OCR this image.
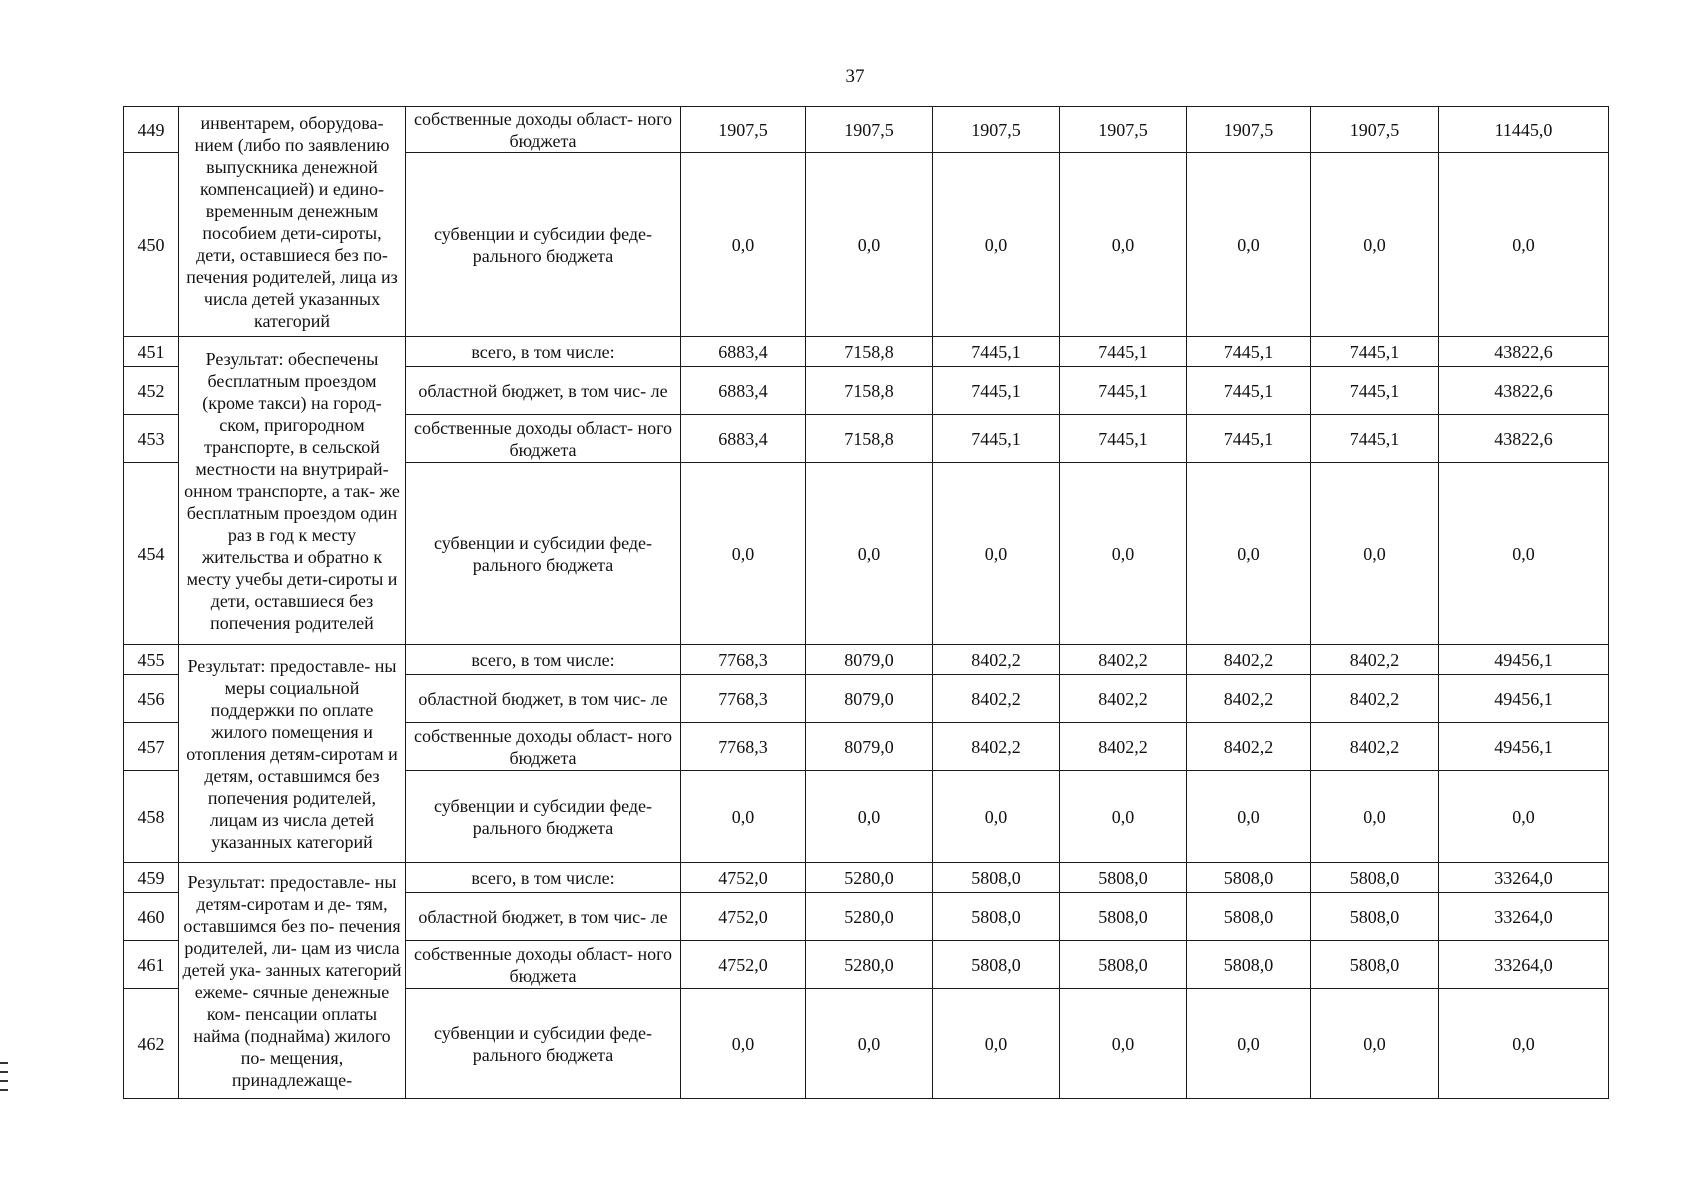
37
449	инвентарем, оборудова- нием (либо по заявлению выпускника денежной компенсацией) и едино- временным денежным пособием дети-сироты, дети, оставшиеся без по- печения родителей, лица из числа детей указанных категорий	собственные доходы област- ного бюджета	1907,5	1907,5	1907,5	1907,5	1907,5	1907,5	11445,0
450		субвенции и субсидии феде- рального бюджета	0,0	0,0	0,0	0,0	0,0	0,0	0,0
451	Результат: обеспечены бесплатным проездом (кроме такси) на город- ском, пригородном транспорте, в сельской местности на внутрирай- онном транспорте, а так- же бесплатным проездом один раз в год к месту жительства и обратно к месту учебы дети-сироты и дети, оставшиеся без попечения родителей	всего, в том числе:	6883,4	7158,8	7445,1	7445,1	7445,1	7445,1	43822,6
452		областной бюджет, в том чис- ле	6883,4	7158,8	7445,1	7445,1	7445,1	7445,1	43822,6
453		собственные доходы област- ного бюджета	6883,4	7158,8	7445,1	7445,1	7445,1	7445,1	43822,6
454		субвенции и субсидии феде- рального бюджета	0,0	0,0	0,0	0,0	0,0	0,0	0,0
455	Результат: предоставле- ны меры социальной поддержки по оплате жилого помещения и отопления детям-сиротам и детям, оставшимся без попечения родителей, лицам из числа детей указанных категорий	всего, в том числе:	7768,3	8079,0	8402,2	8402,2	8402,2	8402,2	49456,1
456		областной бюджет, в том чис- ле	7768,3	8079,0	8402,2	8402,2	8402,2	8402,2	49456,1
457		собственные доходы област- ного бюджета	7768,3	8079,0	8402,2	8402,2	8402,2	8402,2	49456,1
458		субвенции и субсидии феде- рального бюджета	0,0	0,0	0,0	0,0	0,0	0,0	0,0
459	Результат: предоставле- ны детям-сиротам и де- тям, оставшимся без по- печения родителей, ли- цам из числа детей ука- занных категорий ежеме- сячные денежные ком- пенсации оплаты найма (поднайма) жилого по- мещения, принадлежаще-	всего, в том числе:	4752,0	5280,0	5808,0	5808,0	5808,0	5808,0	33264,0
460		областной бюджет, в том чис- ле	4752,0	5280,0	5808,0	5808,0	5808,0	5808,0	33264,0
461		собственные доходы област- ного бюджета	4752,0	5280,0	5808,0	5808,0	5808,0	5808,0	33264,0
462		субвенции и субсидии феде- рального бюджета	0,0	0,0	0,0	0,0	0,0	0,0	0,0
